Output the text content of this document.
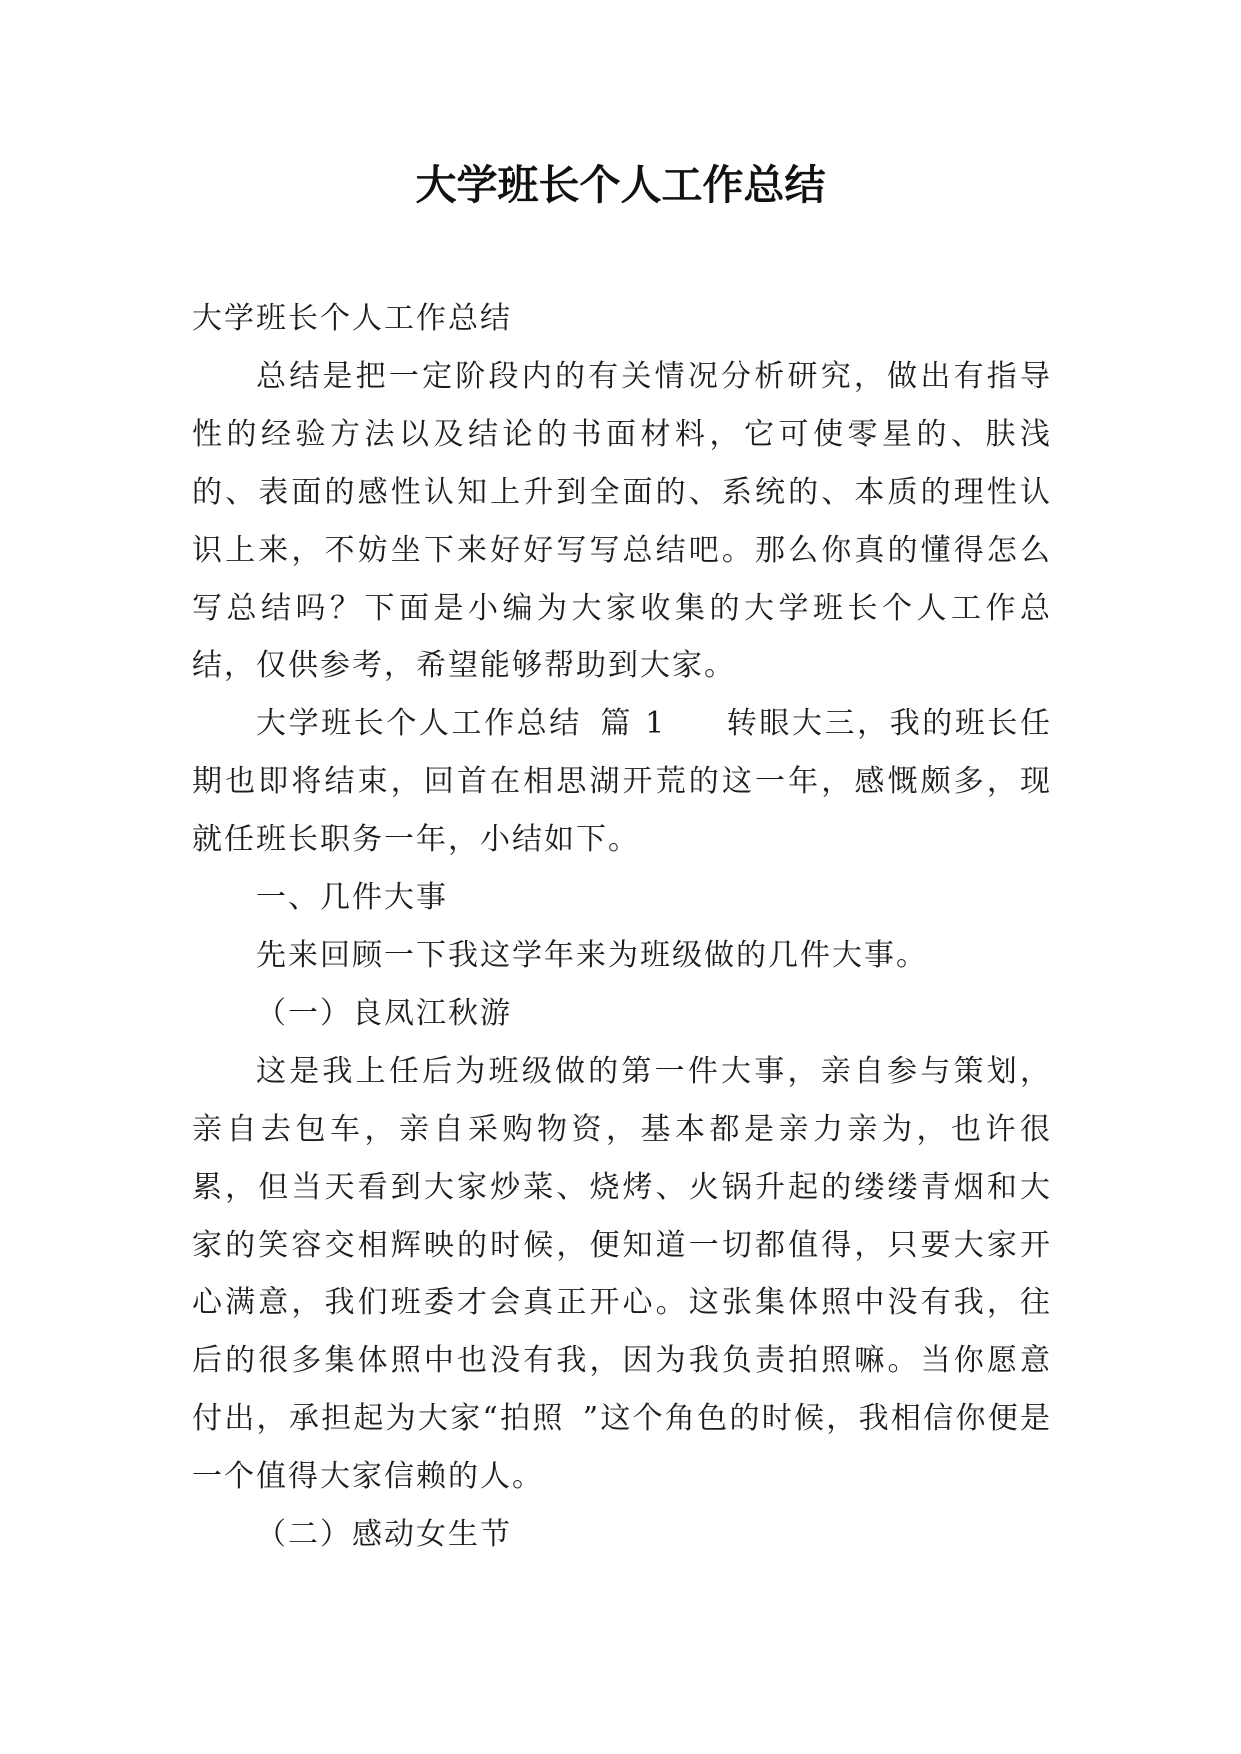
大学班长个人工作总结

大学班长个人工作总结

总结是把一定阶段内的有关情况分析研究，做出有指导性的经验方法以及结论的书面材料，它可使零星的、肤浅的、表面的感性认知上升到全面的、系统的、本质的理性认识上来，不妨坐下来好好写写总结吧。那么你真的懂得怎么写总结吗？下面是小编为大家收集的大学班长个人工作总结，仅供参考，希望能够帮助到大家。

大学班长个人工作总结 篇 1 转眼大三，我的班长任期也即将结束，回首在相思湖开荒的这一年，感慨颇多，现就任班长职务一年，小结如下。

一、几件大事

先来回顾一下我这学年来为班级做的几件大事。

（一）良凤江秋游

这是我上任后为班级做的第一件大事，亲自参与策划，亲自去包车，亲自采购物资，基本都是亲力亲为，也许很累，但当天看到大家炒菜、烧烤、火锅升起的缕缕青烟和大家的笑容交相辉映的时候，便知道一切都值得，只要大家开心满意，我们班委才会真正开心。这张集体照中没有我，往后的很多集体照中也没有我，因为我负责拍照嘛。当你愿意付出，承担起为大家“拍照 ”这个角色的时候，我相信你便是一个值得大家信赖的人。

（二）感动女生节
